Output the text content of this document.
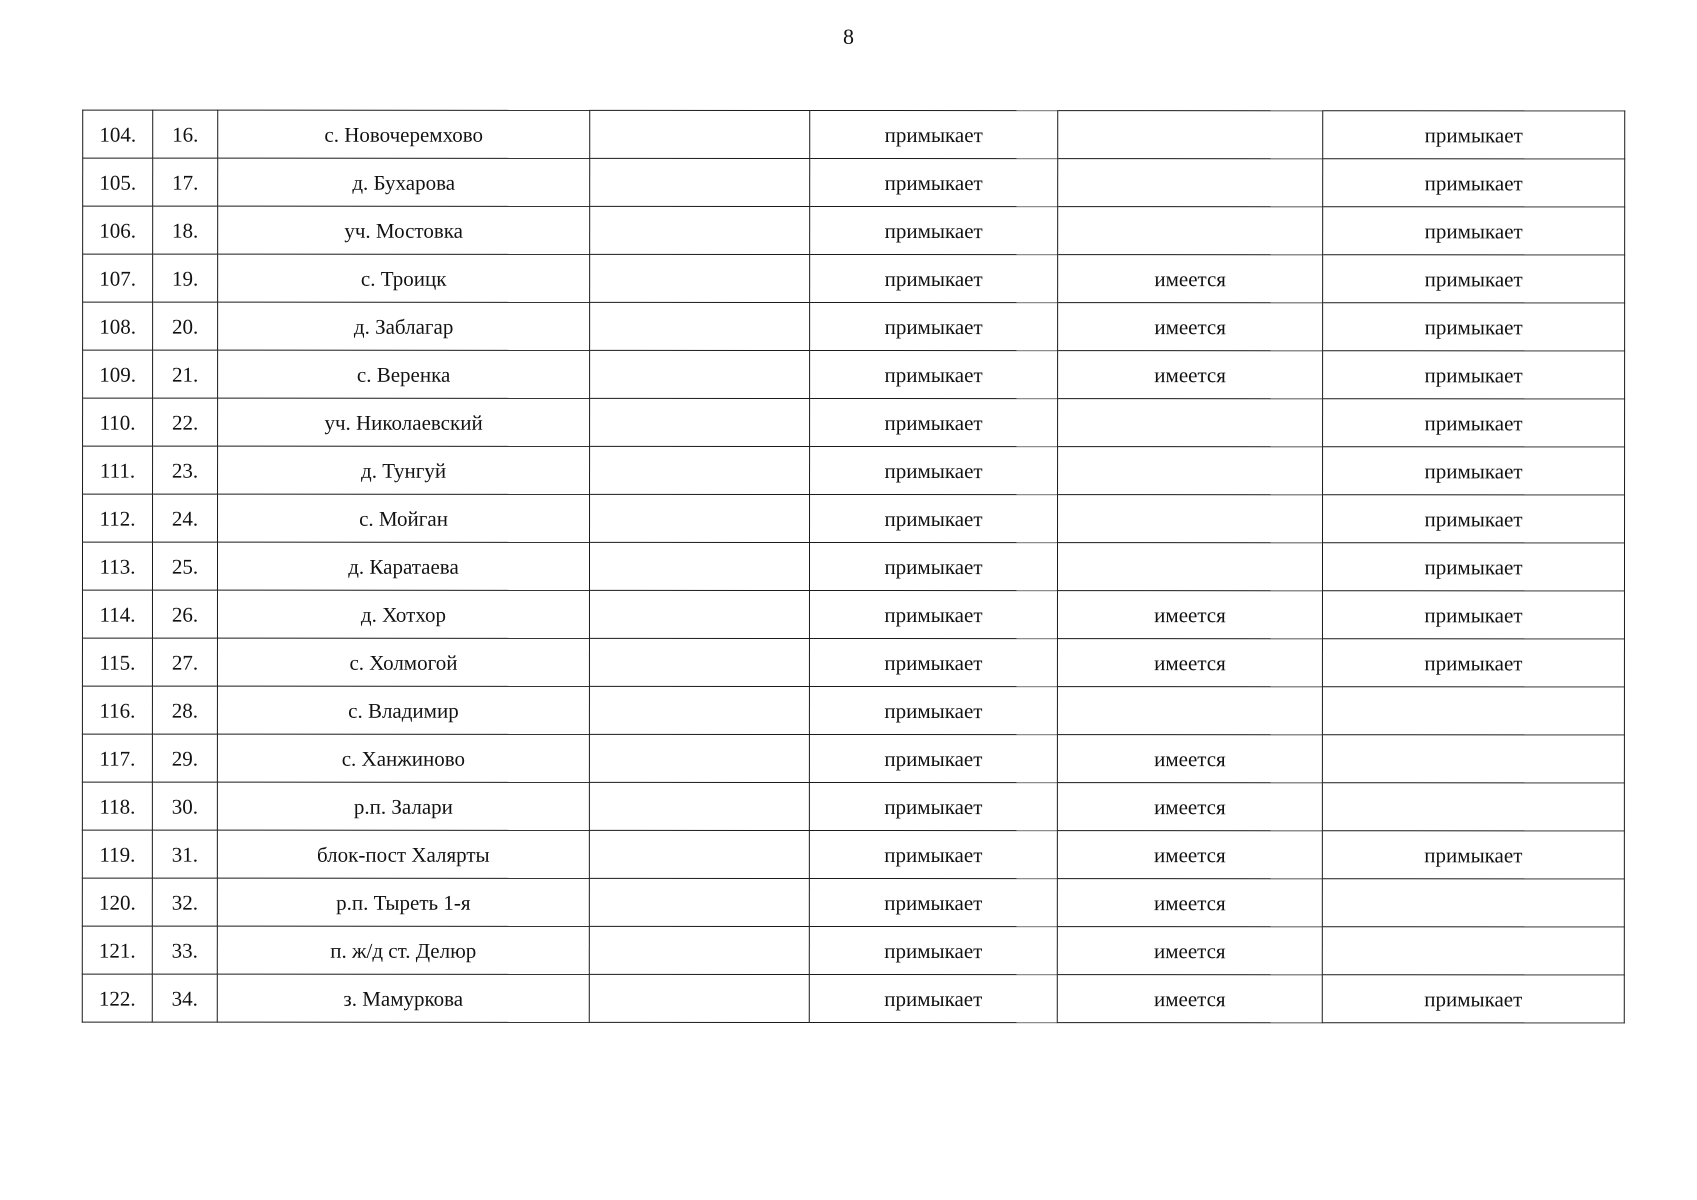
8
104.	16.	с. Новочеремхово		примыкает		примыкает
105.	17.	д. Бухарова		примыкает		примыкает
106.	18.	уч. Мостовка		примыкает		примыкает
107.	19.	с. Троицк		примыкает	имеется	примыкает
108.	20.	д. Заблагар		примыкает	имеется	примыкает
109.	21.	с. Веренка		примыкает	имеется	примыкает
110.	22.	уч. Николаевский		примыкает		примыкает
111.	23.	д. Тунгуй		примыкает		примыкает
112.	24.	с. Мойган		примыкает		примыкает
113.	25.	д. Каратаева		примыкает		примыкает
114.	26.	д. Хотхор		примыкает	имеется	примыкает
115.	27.	с. Холмогой		примыкает	имеется	примыкает
116.	28.	с. Владимир		примыкает		
117.	29.	с. Ханжиново		примыкает	имеется	
118.	30.	р.п. Залари		примыкает	имеется	
119.	31.	блок-пост Халярты		примыкает	имеется	примыкает
120.	32.	р.п. Тыреть 1-я		примыкает	имеется	
121.	33.	п. ж/д ст. Делюр		примыкает	имеется	
122.	34.	з. Мамуркова		примыкает	имеется	примыкает
